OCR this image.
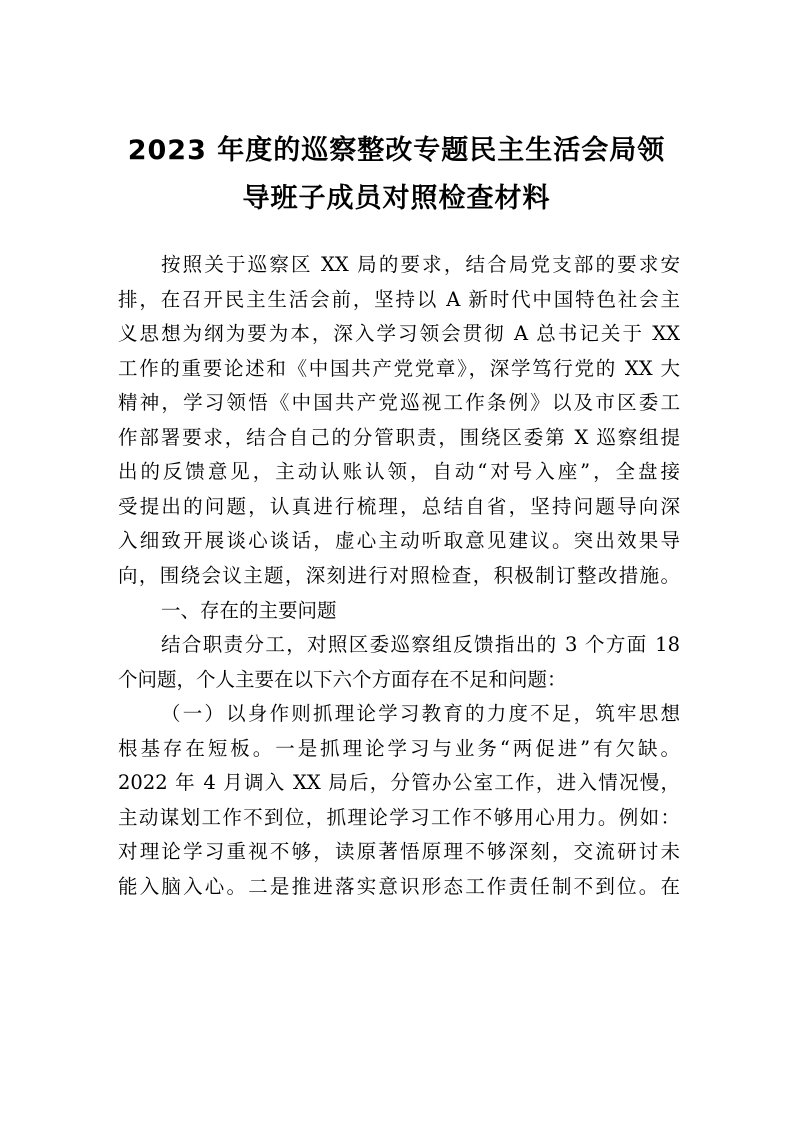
2023 年度的巡察整改专题民主生活会局领
导班子成员对照检查材料
按照关于巡察区 XX 局的要求，结合局党支部的要求安
排，在召开民主生活会前，坚持以 A 新时代中国特色社会主
义思想为纲为要为本，深入学习领会贯彻 A 总书记关于 XX
工作的重要论述和《中国共产党党章》，深学笃行党的 XX 大
精神，学习领悟《中国共产党巡视工作条例》以及市区委工
作部署要求，结合自己的分管职责，围绕区委第 X 巡察组提
出的反馈意见，主动认账认领，自动“对号入座”，全盘接
受提出的问题，认真进行梳理，总结自省，坚持问题导向深
入细致开展谈心谈话，虚心主动听取意见建议。突出效果导
向，围绕会议主题，深刻进行对照检查，积极制订整改措施。
一、存在的主要问题
结合职责分工，对照区委巡察组反馈指出的 3 个方面 18
个问题，个人主要在以下六个方面存在不足和问题：
（一）以身作则抓理论学习教育的力度不足，筑牢思想
根基存在短板。一是抓理论学习与业务“两促进”有欠缺。
2022 年 4 月调入 XX 局后，分管办公室工作，进入情况慢，
主动谋划工作不到位，抓理论学习工作不够用心用力。例如：
对理论学习重视不够，读原著悟原理不够深刻，交流研讨未
能入脑入心。二是推进落实意识形态工作责任制不到位。在
